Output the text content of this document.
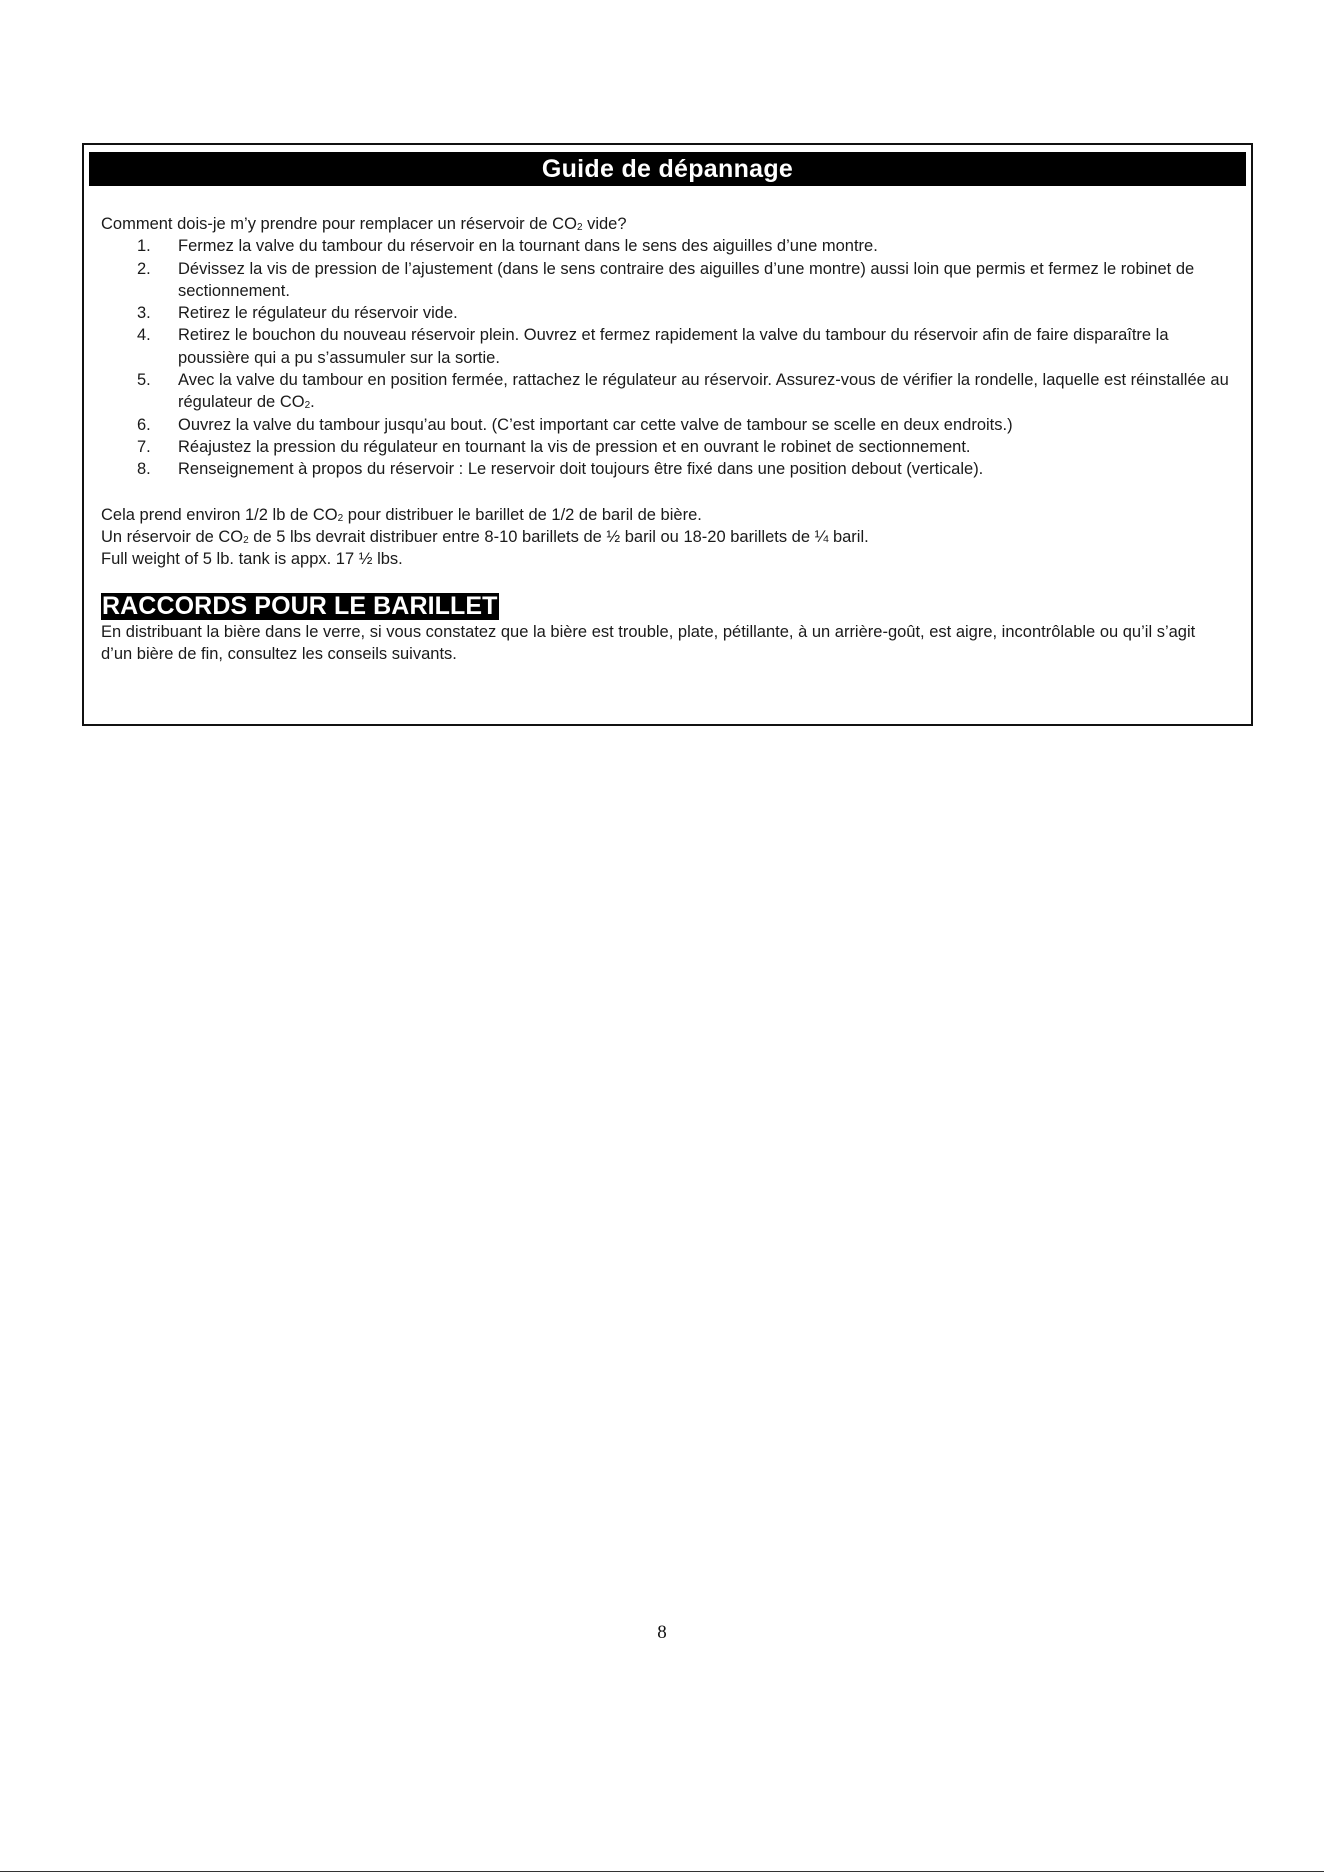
Guide de dépannage

Comment dois-je m’y prendre pour remplacer un réservoir de $CO_2$ vide?

1.	Fermez la valve du tambour du réservoir en la tournant dans le sens des aiguilles d’une montre.
2.	Dévissez la vis de pression de l’ajustement (dans le sens contraire des aiguilles d’une montre) aussi loin que permis et fermez le robinet de sectionnement.
3.	Retirez le régulateur du réservoir vide.
4.	Retirez le bouchon du nouveau réservoir plein. Ouvrez et fermez rapidement la valve du tambour du réservoir afin de faire disparaître la poussière qui a pu s’assumuler sur la sortie.
5.	Avec la valve du tambour en position fermée, rattachez le régulateur au réservoir. Assurez-vous de vérifier la rondelle, laquelle est réinstallée au régulateur de $CO_2$.
6.	Ouvrez la valve du tambour jusqu’au bout. (C’est important car cette valve de tambour se scelle en deux endroits.)
7.	Réajustez la pression du régulateur en tournant la vis de pression et en ouvrant le robinet de sectionnement.
8.	Renseignement à propos du réservoir : Le reservoir doit toujours être fixé dans une position debout (verticale).
Cela prend environ 1/2 lb de $CO_2$ pour distribuer le barillet de 1/2 de baril de bière.
Un réservoir de $CO_2$ de 5 lbs devrait distribuer entre 8-10 barillets de ½ baril ou 18-20 barillets de ¼ baril.
Full weight of 5 lb. tank is appx. 17 ½ lbs.
RACCORDS POUR LE BARILLET

En distribuant la bière dans le verre, si vous constatez que la bière est trouble, plate, pétillante, à un arrière-goût, est aigre, incontrôlable ou qu’il s’agit d’un bière de fin, consultez les conseils suivants.

8
